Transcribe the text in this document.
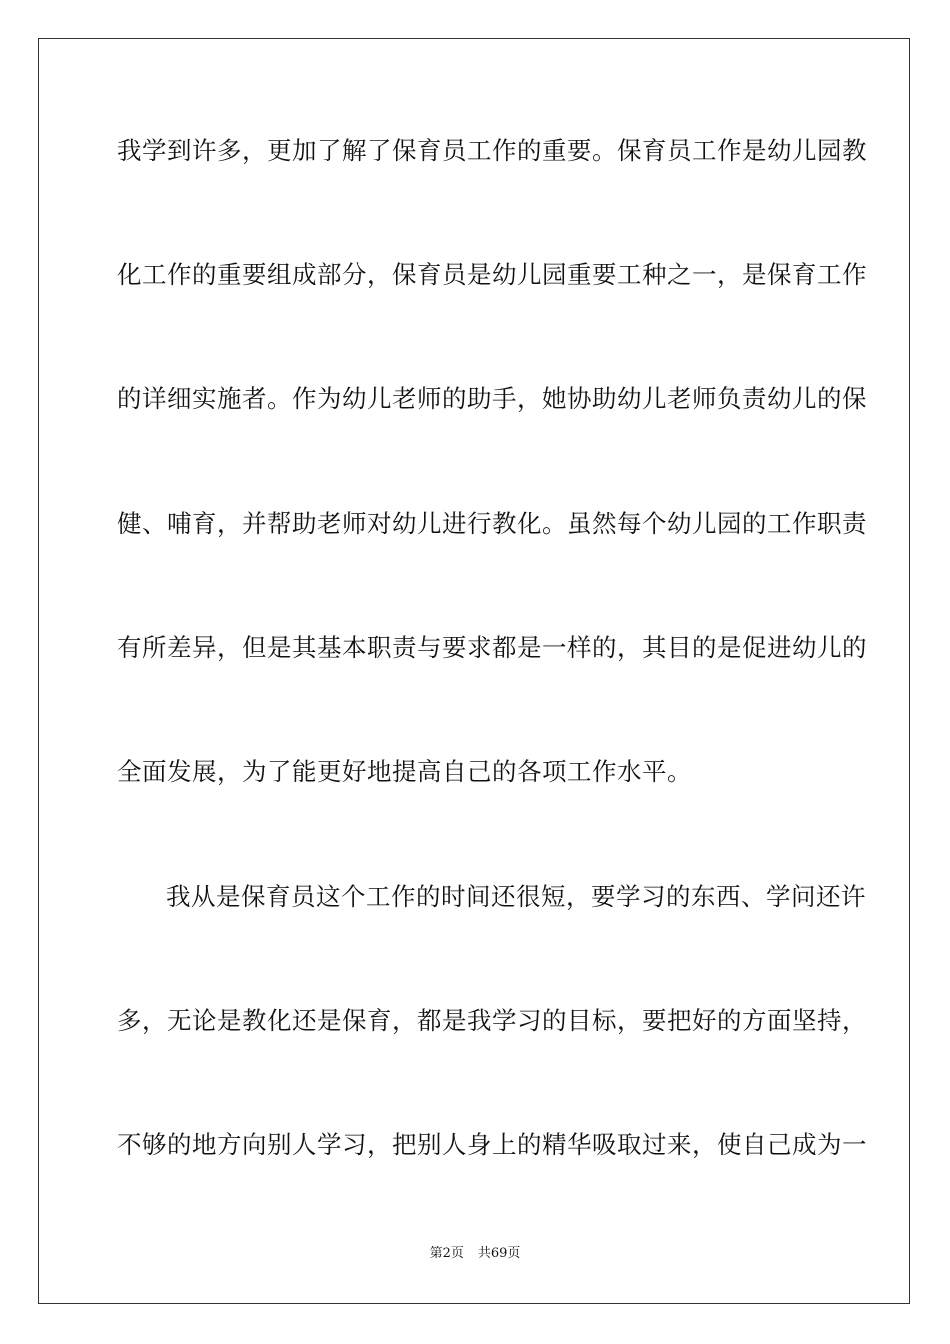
我学到许多，更加了解了保育员工作的重要。保育员工作是幼儿园教
化工作的重要组成部分，保育员是幼儿园重要工种之一，是保育工作
的详细实施者。作为幼儿老师的助手，她协助幼儿老师负责幼儿的保
健、哺育，并帮助老师对幼儿进行教化。虽然每个幼儿园的工作职责
有所差异，但是其基本职责与要求都是一样的，其目的是促进幼儿的
全面发展，为了能更好地提高自己的各项工作水平。
我从是保育员这个工作的时间还很短，要学习的东西、学问还许
多，无论是教化还是保育，都是我学习的目标，要把好的方面坚持，
不够的地方向别人学习，把别人身上的精华吸取过来，使自己成为一
第2页 共69页
